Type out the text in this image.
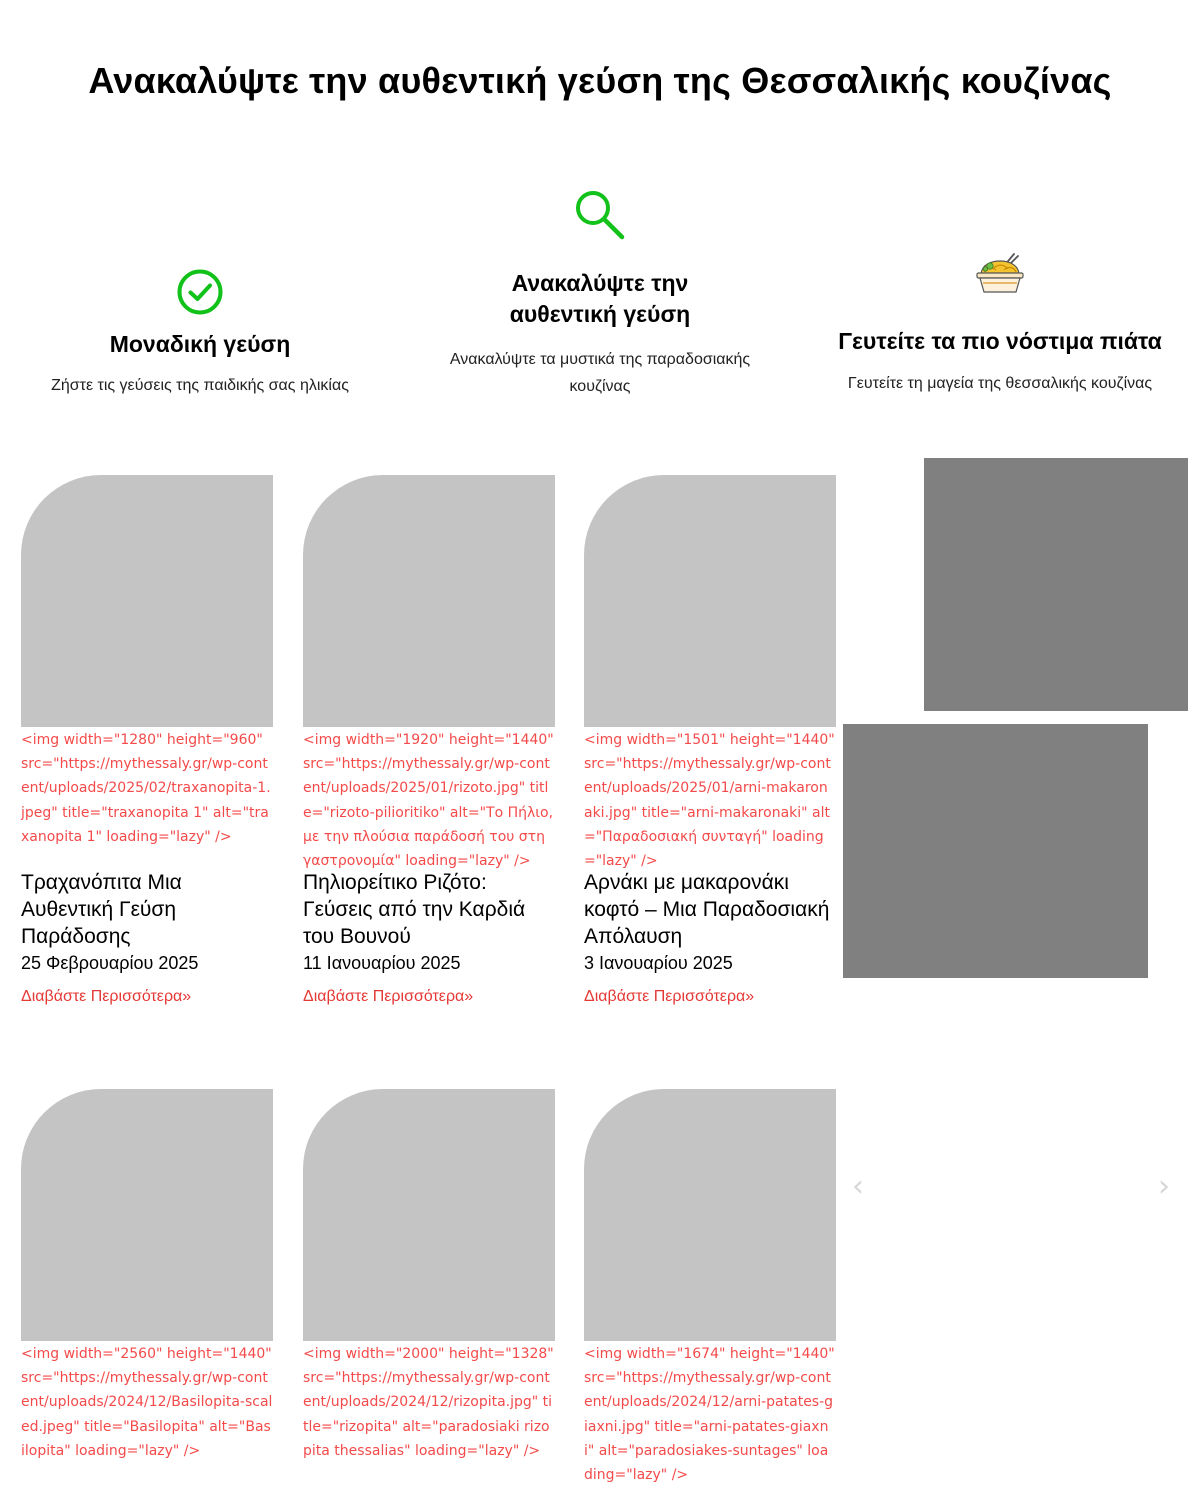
Ανακαλύψτε την αυθεντική γεύση της Θεσσαλικής κουζίνας
Μοναδική γεύση

Ζήστε τις γεύσεις της παιδικής σας ηλικίας

Ανακαλύψτε την αυθεντική γεύση

Ανακαλύψτε τα μυστικά της παραδοσιακής κουζίνας

Γευτείτε τα πιο νόστιμα πιάτα

Γευτείτε τη μαγεία της θεσσαλικής κουζίνας

<img width="1280" height="960" src="https://mythessaly.gr/wp-content/uploads/2025/02/traxanopita-1.jpeg" title="traxanopita 1" alt="traxanopita 1" loading="lazy" />
Τραχανόπιτα Μια Αυθεντική Γεύση Παράδοσης
25 Φεβρουαρίου 2025
Διαβάστε Περισσότερα»
<img width="1920" height="1440" src="https://mythessaly.gr/wp-content/uploads/2025/01/rizoto.jpg" title="rizoto-pilioritiko" alt="Το Πήλιο, με την πλούσια παράδοσή του στη γαστρονομία" loading="lazy" />
Πηλιορείτικο Ριζότο: Γεύσεις από την Καρδιά του Βουνού
11 Ιανουαρίου 2025
Διαβάστε Περισσότερα»
<img width="1501" height="1440" src="https://mythessaly.gr/wp-content/uploads/2025/01/arni-makaronaki.jpg" title="arni-makaronaki" alt="Παραδοσιακή συνταγή" loading="lazy" />
Αρνάκι με μακαρονάκι κοφτό – Μια Παραδοσιακή Απόλαυση
3 Ιανουαρίου 2025
Διαβάστε Περισσότερα»
<img width="2560" height="1440" src="https://mythessaly.gr/wp-content/uploads/2024/12/Basilopita-scaled.jpeg" title="Basilopita" alt="Basilopita" loading="lazy" />
<img width="2000" height="1328" src="https://mythessaly.gr/wp-content/uploads/2024/12/rizopita.jpg" title="rizopita" alt="paradosiaki rizopita thessalias" loading="lazy" />
<img width="1674" height="1440" src="https://mythessaly.gr/wp-content/uploads/2024/12/arni-patates-giaxni.jpg" title="arni-patates-giaxni" alt="paradosiakes-suntages" loading="lazy" />
‹	›
